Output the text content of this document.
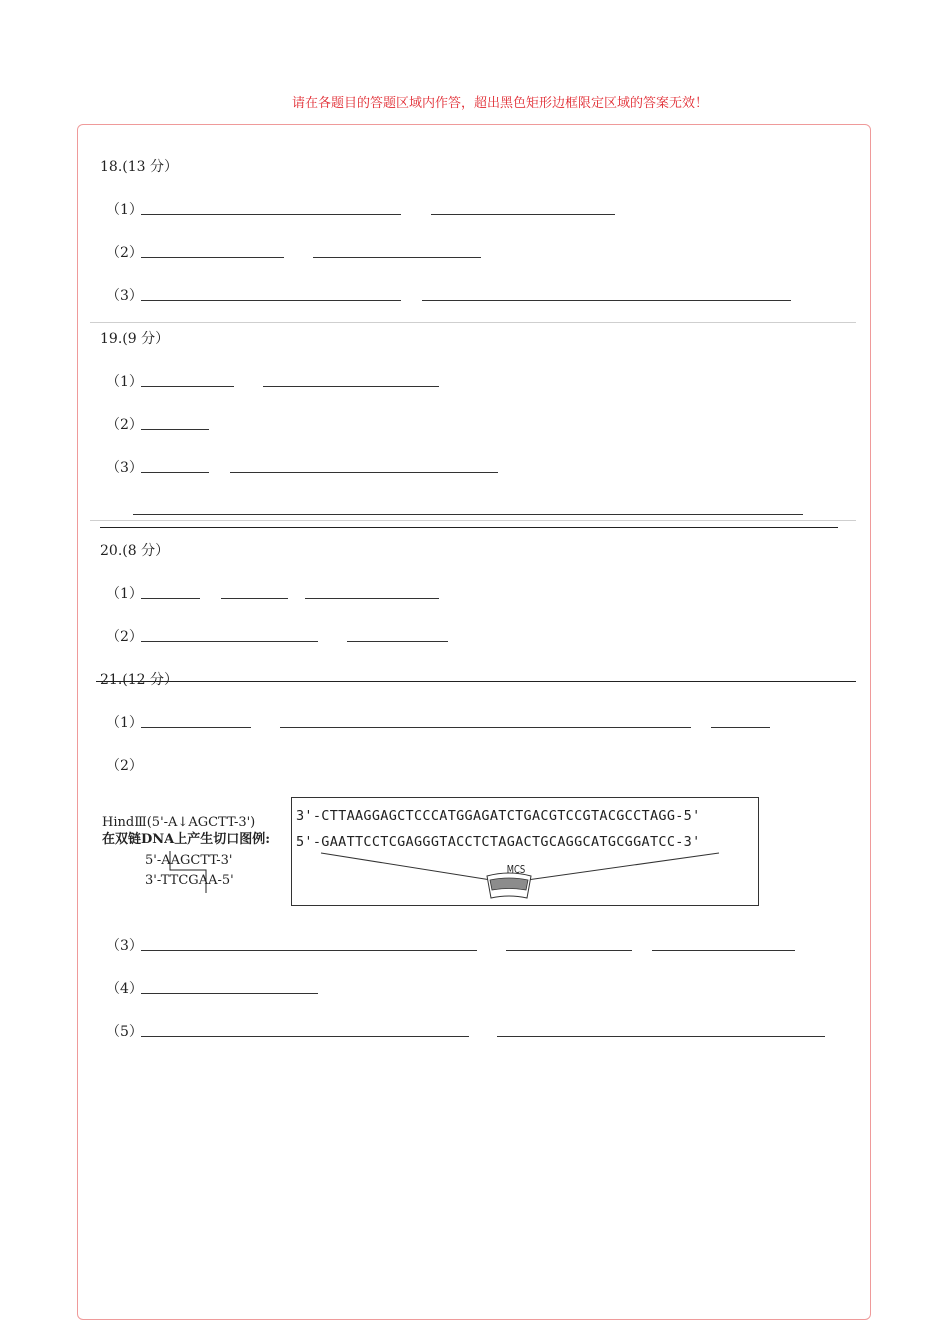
请在各题目的答题区域内作答，超出黑色矩形边框限定区域的答案无效！
18.(13 分）
（1）
（2）
（3）
19.(9 分）
（1）
（2）
（3）
20.(8 分）
（1）
（2）
21.(12 分）
（1）
（2）
HindⅢ(5'-A↓AGCTT-3')
在双链DNA上产生切口图例:
5'-AAGCTT-3'
3'-TTCGAA-5'
3'-CTTAAGGAGCTCCCATGGAGATCTGACGTCCGTACGCCTAGG-5'
5'-GAATTCCTCGAGGGTACCTCTAGACTGCAGGCATGCGGATCC-3'
MCS
（3）
（4）
（5）
